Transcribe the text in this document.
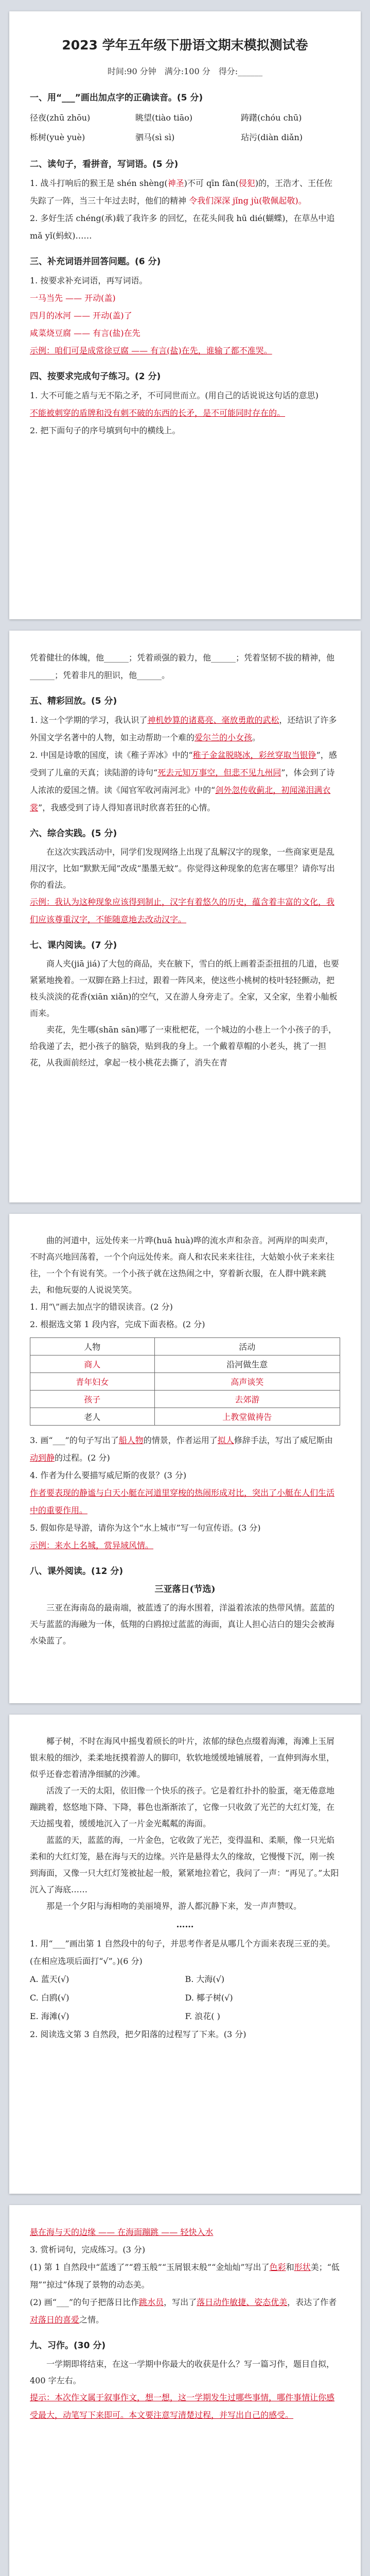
2023 学年五年级下册语文期末模拟测试卷
时间:90 分钟　满分:100 分　得分:______
一、用“___”画出加点字的正确读音。(5 分)
径夜(zhū zhōu)	眺望(tiào tiāo)	踌躇(chóu chū)
栎树(yuè yuè)	驷马(sì sì)	玷污(diàn diǎn)
二、读句子，看拼音，写词语。(5 分)
1. 战斗打响后的猴王是 shén shèng(神圣)不可 qīn fàn(侵犯)的，王浩才、王任佐失踪了一阵，当三十年过去时，他们的精神 令我们深深 jǐng jù(敬佩起敬)。
2. 多好生活 chéng(承)载了我许多 的回忆，在花头间我 hū dié(蝴蝶)，在草丛中追 mǎ yǐ(蚂蚁)……
三、补充词语并回答问题。(6 分)
1. 按要求补充词语，再写词语。
一马当先 —— 开动(盖)
四月的冰河 —— 开动(盖)了
咸菜烧豆腐 —— 有言(盐)在先
示例：咱们可是成常徐豆腐 —— 有言(盐)在先，谁输了都不准哭。
四、按要求完成句子练习。(2 分)
1. 大不可能之盾与无不陷之矛，不可同世而立。(用自己的话说说这句话的意思)
不能被刺穿的盾牌和没有刺不破的东西的长矛，是不可能同时存在的。
2. 把下面句子的序号填到句中的横线上。
凭着健壮的体魄，他______；凭着顽强的毅力，他______；凭着坚韧不拔的精神，他______；凭着非凡的胆识，他______。
五、精彩回放。(5 分)
1. 这一个学期的学习，我认识了神机妙算的诸葛亮、毫放勇敢的武松，还结识了许多外国文学名著中的人物，如主动帮助一个难的爱尔兰的小女孩。
2. 中国是诗歌的国度，读《稚子弄冰》中的“稚子金盆脱晓冰，彩丝穿取当银铮”，感受到了儿童的天真；读陆游的诗句“死去元知万事空，但悲不见九州同”，体会到了诗人浓浓的爱国之情。读《闻官军收河南河北》中的“剑外忽传收蓟北，初闻涕泪满衣裳”，我感受到了诗人得知喜讯时欣喜若狂的心情。
六、综合实践。(5 分)
在这次实践活动中，同学们发现网络上出现了乱解汉字的现象，一些商家更是乱用汉字，比如“默默无闻”改成“墨墨无蚊”。你觉得这种现象的危害在哪里？请你写出你的看法。
示例：我认为这种现象应该得到制止，汉字有着悠久的历史，蕴含着丰富的文化，我们应该尊重汉字，不能随意地去改动汉字。
七、课内阅读。(7 分)
商人夹(jiā jiá)了大包的商品，夹在腋下，雪白的纸上画着歪歪扭扭的几道，也要紧紧地挽着。一双脚在路上扫过，跟着一阵风来，使这些小桃树的枝叶轻轻颤动，把枝头淡淡的花香(xiān xiǎn)的空气，又在游人身旁走了。全家，又全家，坐着小舢板而来。
卖花，先生哪(shān sān)哪了一束枇杷花，一个城边的小巷上一个小孩子的手，给我递了去，把小孩子的脑袋，贴到我的身上。一个戴着草帽的小老头，挑了一担花，从我面前经过，拿起一枝小桃花去撕了，消失在青
曲的河道中，远处传来一片哗(huā huà)哗的流水声和杂音。河两岸的叫卖声，不时高兴地回荡着，一个个向远处传来。商人和农民来来往往，大姑娘小伙子来来往往，一个个有说有笑。一个小孩子就在这热闹之中，穿着新衣服，在人群中跳来跳去，和他玩耍的人说说笑笑。
1. 用“\”画去加点字的错误读音。(2 分)
2. 根据选文第 1 段内容，完成下面表格。(2 分)
人物	活动
商人	沿河做生意
青年妇女	高声谈笑
孩子	去郊游
老人	上教堂做祷告
3. 画“___”的句子写出了船人物的情景，作者运用了拟人修辞手法，写出了威尼斯由动到静的过程。(2 分)
4. 作者为什么要描写威尼斯的夜景？(3 分)
作者要表现的静谧与白天小艇在河道里穿梭的热闹形成对比，突出了小艇在人们生活中的重要作用。
5. 假如你是导游，请你为这个“水上城市”写一句宣传语。(3 分)
示例：来水上名城，赏异域风情。
八、课外阅读。(12 分)
三亚落日(节选)
三亚在海南岛的最南端，被蓝透了的海水围着，洋溢着浓浓的热带风情。蓝蓝的天与蓝蓝的海融为一体，低翔的白鸥掠过蓝蓝的海面，真让人担心洁白的翅尖会被海水染蓝了。
椰子树，不时在海风中摇曳着颀长的叶片，浓郁的绿色点缀着海滩，海滩上玉屑银末般的细沙，柔柔地抚摸着游人的脚印，软软地缓缓地铺展着，一直伸到海水里，似乎还眷恋着清净细腻的沙滩。
活泼了一天的太阳，依旧像一个快乐的孩子。它是着红扑扑的脸蛋，毫无倦意地蹦跳着，悠悠地下降、下降，暮色也渐渐浓了，它像一只收敛了光芒的大红灯笼，在天边摇曳着，缓缓地沉入了一片金光粼粼的海面。
蓝蓝的天，蓝蓝的海，一片金色，它收敛了光芒，变得温和、柔顺，像一只光焰柔和的大红灯笼，悬在海与天的边缘。兴许是悬得太久的缘故，它慢慢下沉，刚一挨到海面，又像一只大红灯笼被扯起一般，紧紧地拉着它，我问了一声：“再见了。”太阳沉入了海底……
那是一个夕阳与海相吻的美丽境界，游人都沉静下来，发一声声赞叹。
……
1. 用“___”画出第 1 自然段中的句子，并思考作者是从哪几个方面来表现三亚的美。(在相应选项后面打“√”。)(6 分)
A. 蓝天(√)	B. 大海(√)
C. 白鸥(√)	D. 椰子树(√)
E. 海滩(√)	F. 浪花( )
2. 阅读选文第 3 自然段，把夕阳落的过程写了下来。(3 分)
悬在海与天的边缘 —— 在海面蹦跳 —— 轻快入水
3. 赏析词句，完成练习。(3 分)
(1) 第 1 自然段中“蓝透了”“碧玉般”“玉屑银末般”“金灿灿”写出了色彩和形状美；“低翔”“掠过”体现了景物的动态美。
(2) 画“___”的句子把落日比作跳水员，写出了落日动作敏捷、姿态优美，表达了作者对落日的喜爱之情。
九、习作。(30 分)
一学期即将结束，在这一学期中你最大的收获是什么？写一篇习作，题目自拟，400 字左右。
提示：本次作文属于叙事作文，想一想，这一学期发生过哪些事情，哪件事情让你感受最大，动笔写下来即可。本文要注意写清楚过程，并写出自己的感受。
